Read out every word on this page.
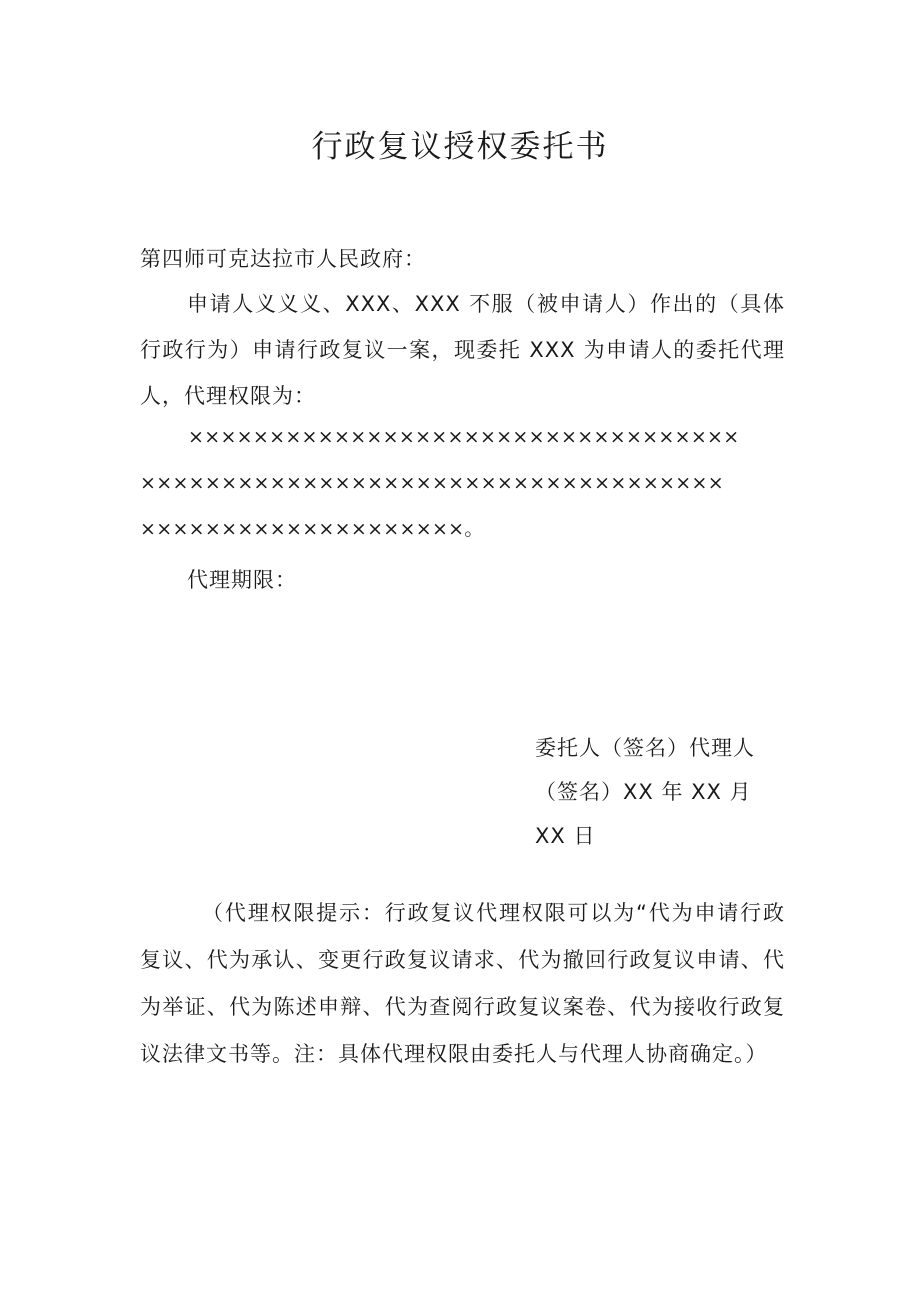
行政复议授权委托书
第四师可克达拉市人民政府：
申请人义义义、XXX、XXX 不服（被申请人）作出的（具体行政行为）申请行政复议一案，现委托 XXX 为申请人的委托代理人，代理权限为：
××××××××××××××××××××××××××××××××××
××××××××××××××××××××××××××××××××××××
××××××××××××××××××××。
代理期限：
委托人（签名）代理人
（签名）XX 年 XX 月
XX 日
（代理权限提示：行政复议代理权限可以为“代为申请行政复议、代为承认、变更行政复议请求、代为撤回行政复议申请、代为举证、代为陈述申辩、代为查阅行政复议案卷、代为接收行政复议法律文书等。注：具体代理权限由委托人与代理人协商确定。）
